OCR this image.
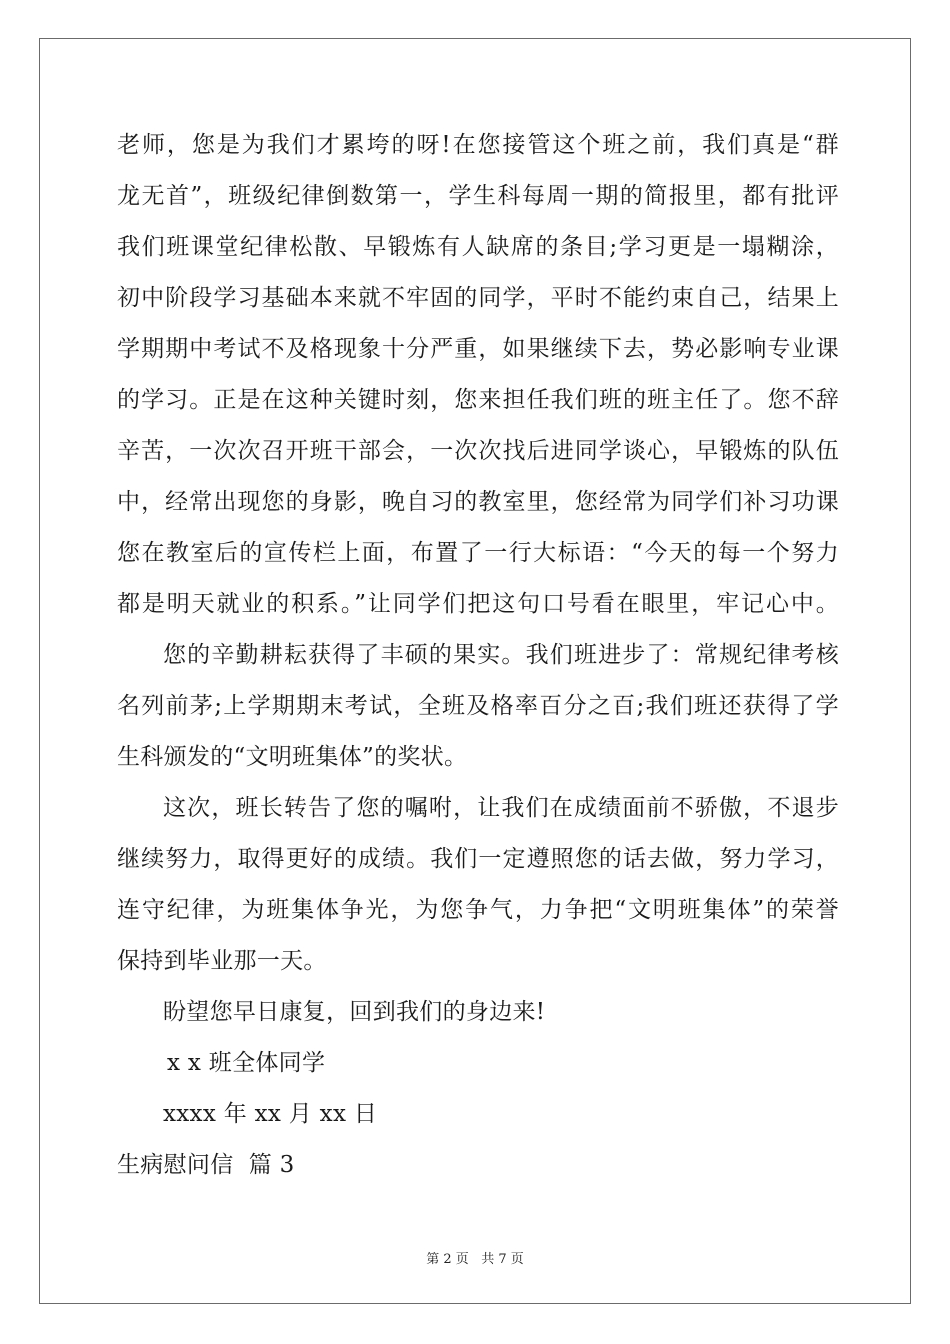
老师，您是为我们才累垮的呀!在您接管这个班之前，我们真是“群
龙无首”，班级纪律倒数第一，学生科每周一期的简报里，都有批评
我们班课堂纪律松散、早锻炼有人缺席的条目;学习更是一塌糊涂，
初中阶段学习基础本来就不牢固的同学，平时不能约束自己，结果上
学期期中考试不及格现象十分严重，如果继续下去，势必影响专业课
的学习。正是在这种关键时刻，您来担任我们班的班主任了。您不辞
辛苦，一次次召开班干部会，一次次找后进同学谈心，早锻炼的队伍
中，经常出现您的身影，晚自习的教室里，您经常为同学们补习功课
您在教室后的宣传栏上面，布置了一行大标语：“今天的每一个努力
都是明天就业的积系。”让同学们把这句口号看在眼里，牢记心中。
您的辛勤耕耘获得了丰硕的果实。我们班进步了：常规纪律考核
名列前茅;上学期期末考试，全班及格率百分之百;我们班还获得了学
生科颁发的“文明班集体”的奖状。
这次，班长转告了您的嘱咐，让我们在成绩面前不骄傲，不退步
继续努力，取得更好的成绩。我们一定遵照您的话去做，努力学习，
连守纪律，为班集体争光，为您争气，力争把“文明班集体”的荣誉
保持到毕业那一天。
盼望您早日康复，回到我们的身边来!
x x 班全体同学
xxxx 年 xx 月 xx 日
生病慰问信  篇 3
第 2 页   共 7 页
